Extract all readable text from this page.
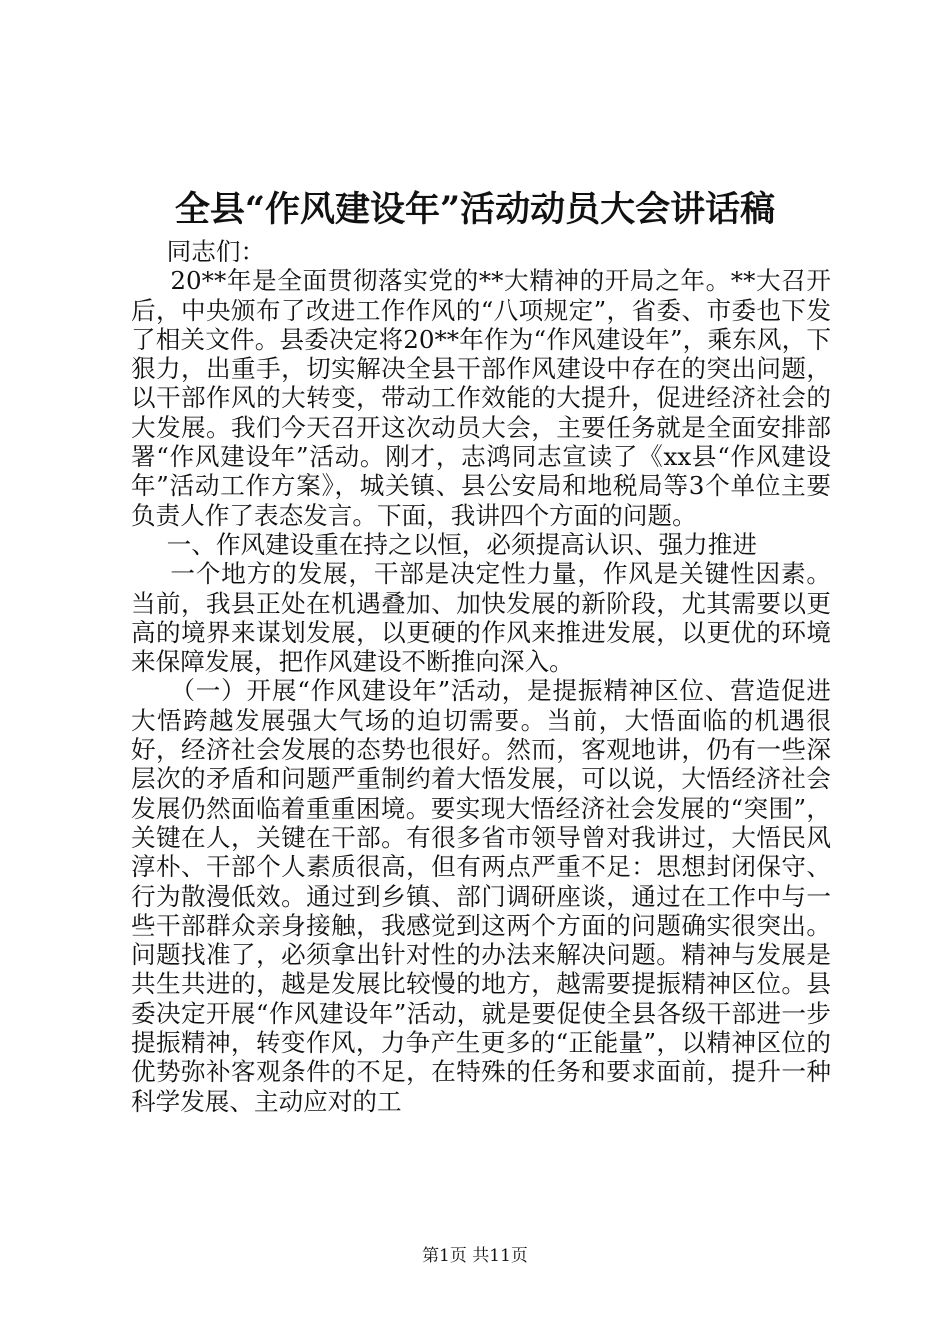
全县“作风建设年”活动动员大会讲话稿

同志们：

20**年是全面贯彻落实党的**大精神的开局之年。**大召开后，中央颁布了改进工作作风的“八项规定”，省委、市委也下发了相关文件。县委决定将20**年作为“作风建设年”，乘东风，下狠力，出重手，切实解决全县干部作风建设中存在的突出问题，以干部作风的大转变，带动工作效能的大提升，促进经济社会的大发展。我们今天召开这次动员大会，主要任务就是全面安排部署“作风建设年”活动。刚才，志鸿同志宣读了《xx县“作风建设年”活动工作方案》，城关镇、县公安局和地税局等3个单位主要负责人作了表态发言。下面，我讲四个方面的问题。

一、作风建设重在持之以恒，必须提高认识、强力推进

一个地方的发展，干部是决定性力量，作风是关键性因素。当前，我县正处在机遇叠加、加快发展的新阶段，尤其需要以更高的境界来谋划发展，以更硬的作风来推进发展，以更优的环境来保障发展，把作风建设不断推向深入。

（一）开展“作风建设年”活动，是提振精神区位、营造促进大悟跨越发展强大气场的迫切需要。当前，大悟面临的机遇很好，经济社会发展的态势也很好。然而，客观地讲，仍有一些深层次的矛盾和问题严重制约着大悟发展，可以说，大悟经济社会发展仍然面临着重重困境。要实现大悟经济社会发展的“突围”，关键在人，关键在干部。有很多省市领导曾对我讲过，大悟民风淳朴、干部个人素质很高，但有两点严重不足：思想封闭保守、行为散漫低效。通过到乡镇、部门调研座谈，通过在工作中与一些干部群众亲身接触，我感觉到这两个方面的问题确实很突出。问题找准了，必须拿出针对性的办法来解决问题。精神与发展是共生共进的，越是发展比较慢的地方，越需要提振精神区位。县委决定开展“作风建设年”活动，就是要促使全县各级干部进一步提振精神，转变作风，力争产生更多的“正能量”，以精神区位的优势弥补客观条件的不足，在特殊的任务和要求面前，提升一种科学发展、主动应对的工

第1页 共11页
